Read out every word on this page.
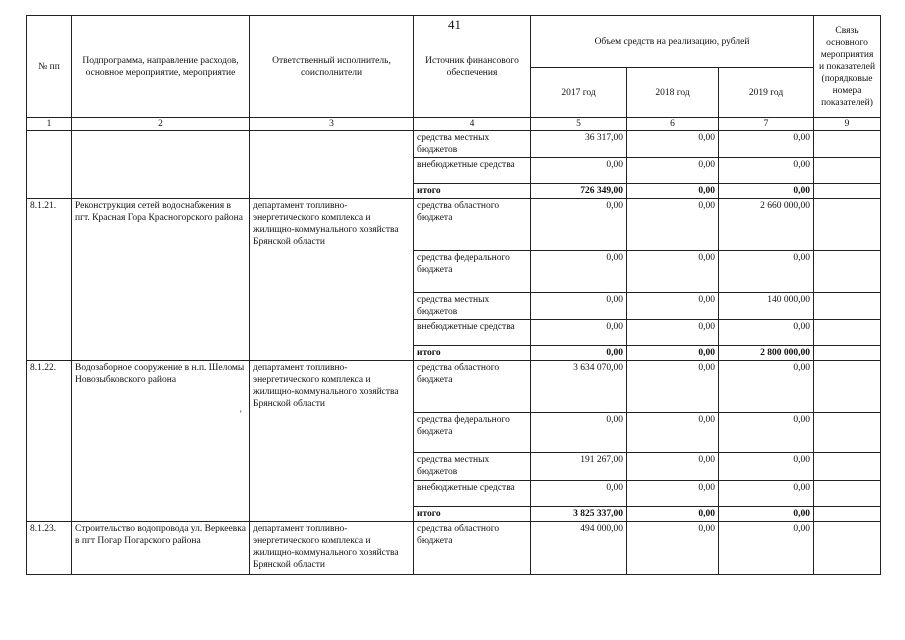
41
№ пп	Подпрограмма, направление расходов, основное мероприятие, мероприятие	Ответственный исполнитель, соисполнители	Источник финансового обеспечения	Объем средств на реализацию, рублей			Связь основного мероприятия и показателей (порядковые номера показателей)
				2017 год	2018 год	2019 год	
1	2	3	4	5	6	7	9
			средства местных бюджетов	36 317,00	0,00	0,00	
			внебюджетные средства	0,00	0,00	0,00	
			итого	726 349,00	0,00	0,00	
8.1.21.	Реконструкция сетей водоснабжения в пгт. Красная Гора Красногорского района	департамент топливно-энергетического комплекса и жилищно-коммунального хозяйства Брянской области	средства областного бюджета	0,00	0,00	2 660 000,00	
			средства федерального бюджета	0,00	0,00	0,00	
			средства местных бюджетов	0,00	0,00	140 000,00	
			внебюджетные средства	0,00	0,00	0,00	
			итого	0,00	0,00	2 800 000,00	
8.1.22.	Водозаборное сооружение в н.п. Шеломы Новозыбковского района	департамент топливно-энергетического комплекса и жилищно-коммунального хозяйства Брянской области	средства областного бюджета	3 634 070,00	0,00	0,00	
			средства федерального бюджета	0,00	0,00	0,00	
			средства местных бюджетов	191 267,00	0,00	0,00	
			внебюджетные средства	0,00	0,00	0,00	
			итого	3 825 337,00	0,00	0,00	
8.1.23.	Строительство водопровода ул. Веркеевка в пгт Погар Погарского района	департамент топливно-энергетического комплекса и жилищно-коммунального хозяйства Брянской области	средства областного бюджета	494 000,00	0,00	0,00	
'
